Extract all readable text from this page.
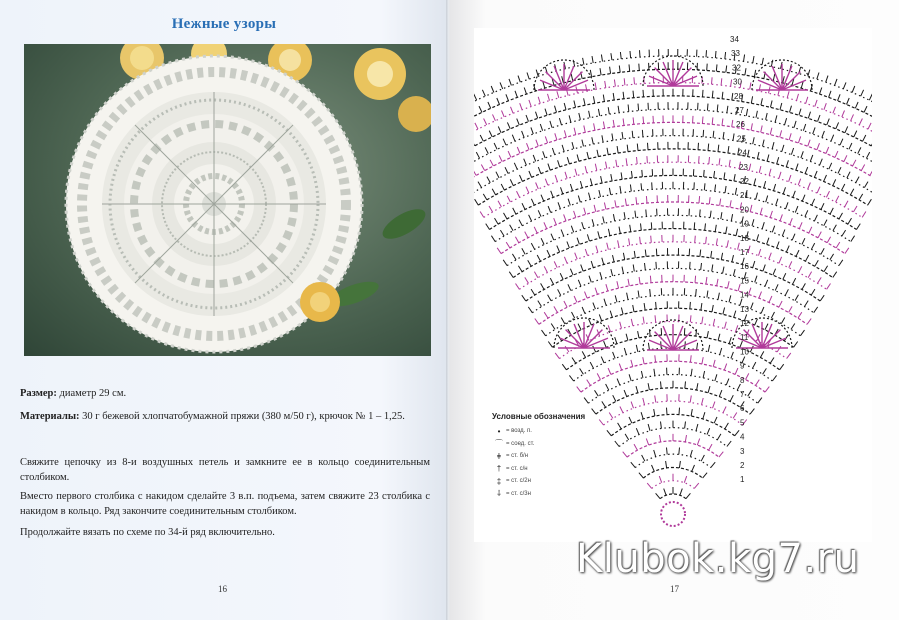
Нежные узоры
Размер: диаметр 29 см.
Материалы: 30 г бежевой хлопчатобумажной пряжи (380 м/50 г), крючок № 1 – 1,25.
Свяжите цепочку из 8-и воздушных петель и замкните ее в кольцо соединительным столбиком.
Вместо первого столбика с накидом сделайте 3 в.п. подъема, затем свяжите 23 столбика с накидом в кольцо. Ряд закончите соединительным столбиком.
Продолжайте вязать по схеме по 34-й ряд включительно.
16	17
34
33
32
30
28
27
26
25
24
23
22
21
20
19
18
17
16
15
14
13
12
11
10
9
8
7
6
5
4
3
2
1
Условные обозначения
• = возд. п.
⌒ = соед. ст.
ǂ = ст. б/н
† = ст. с/н
‡ = ст. с/2н
⸸ = ст. с/3н
Klubok.kg7.ru
